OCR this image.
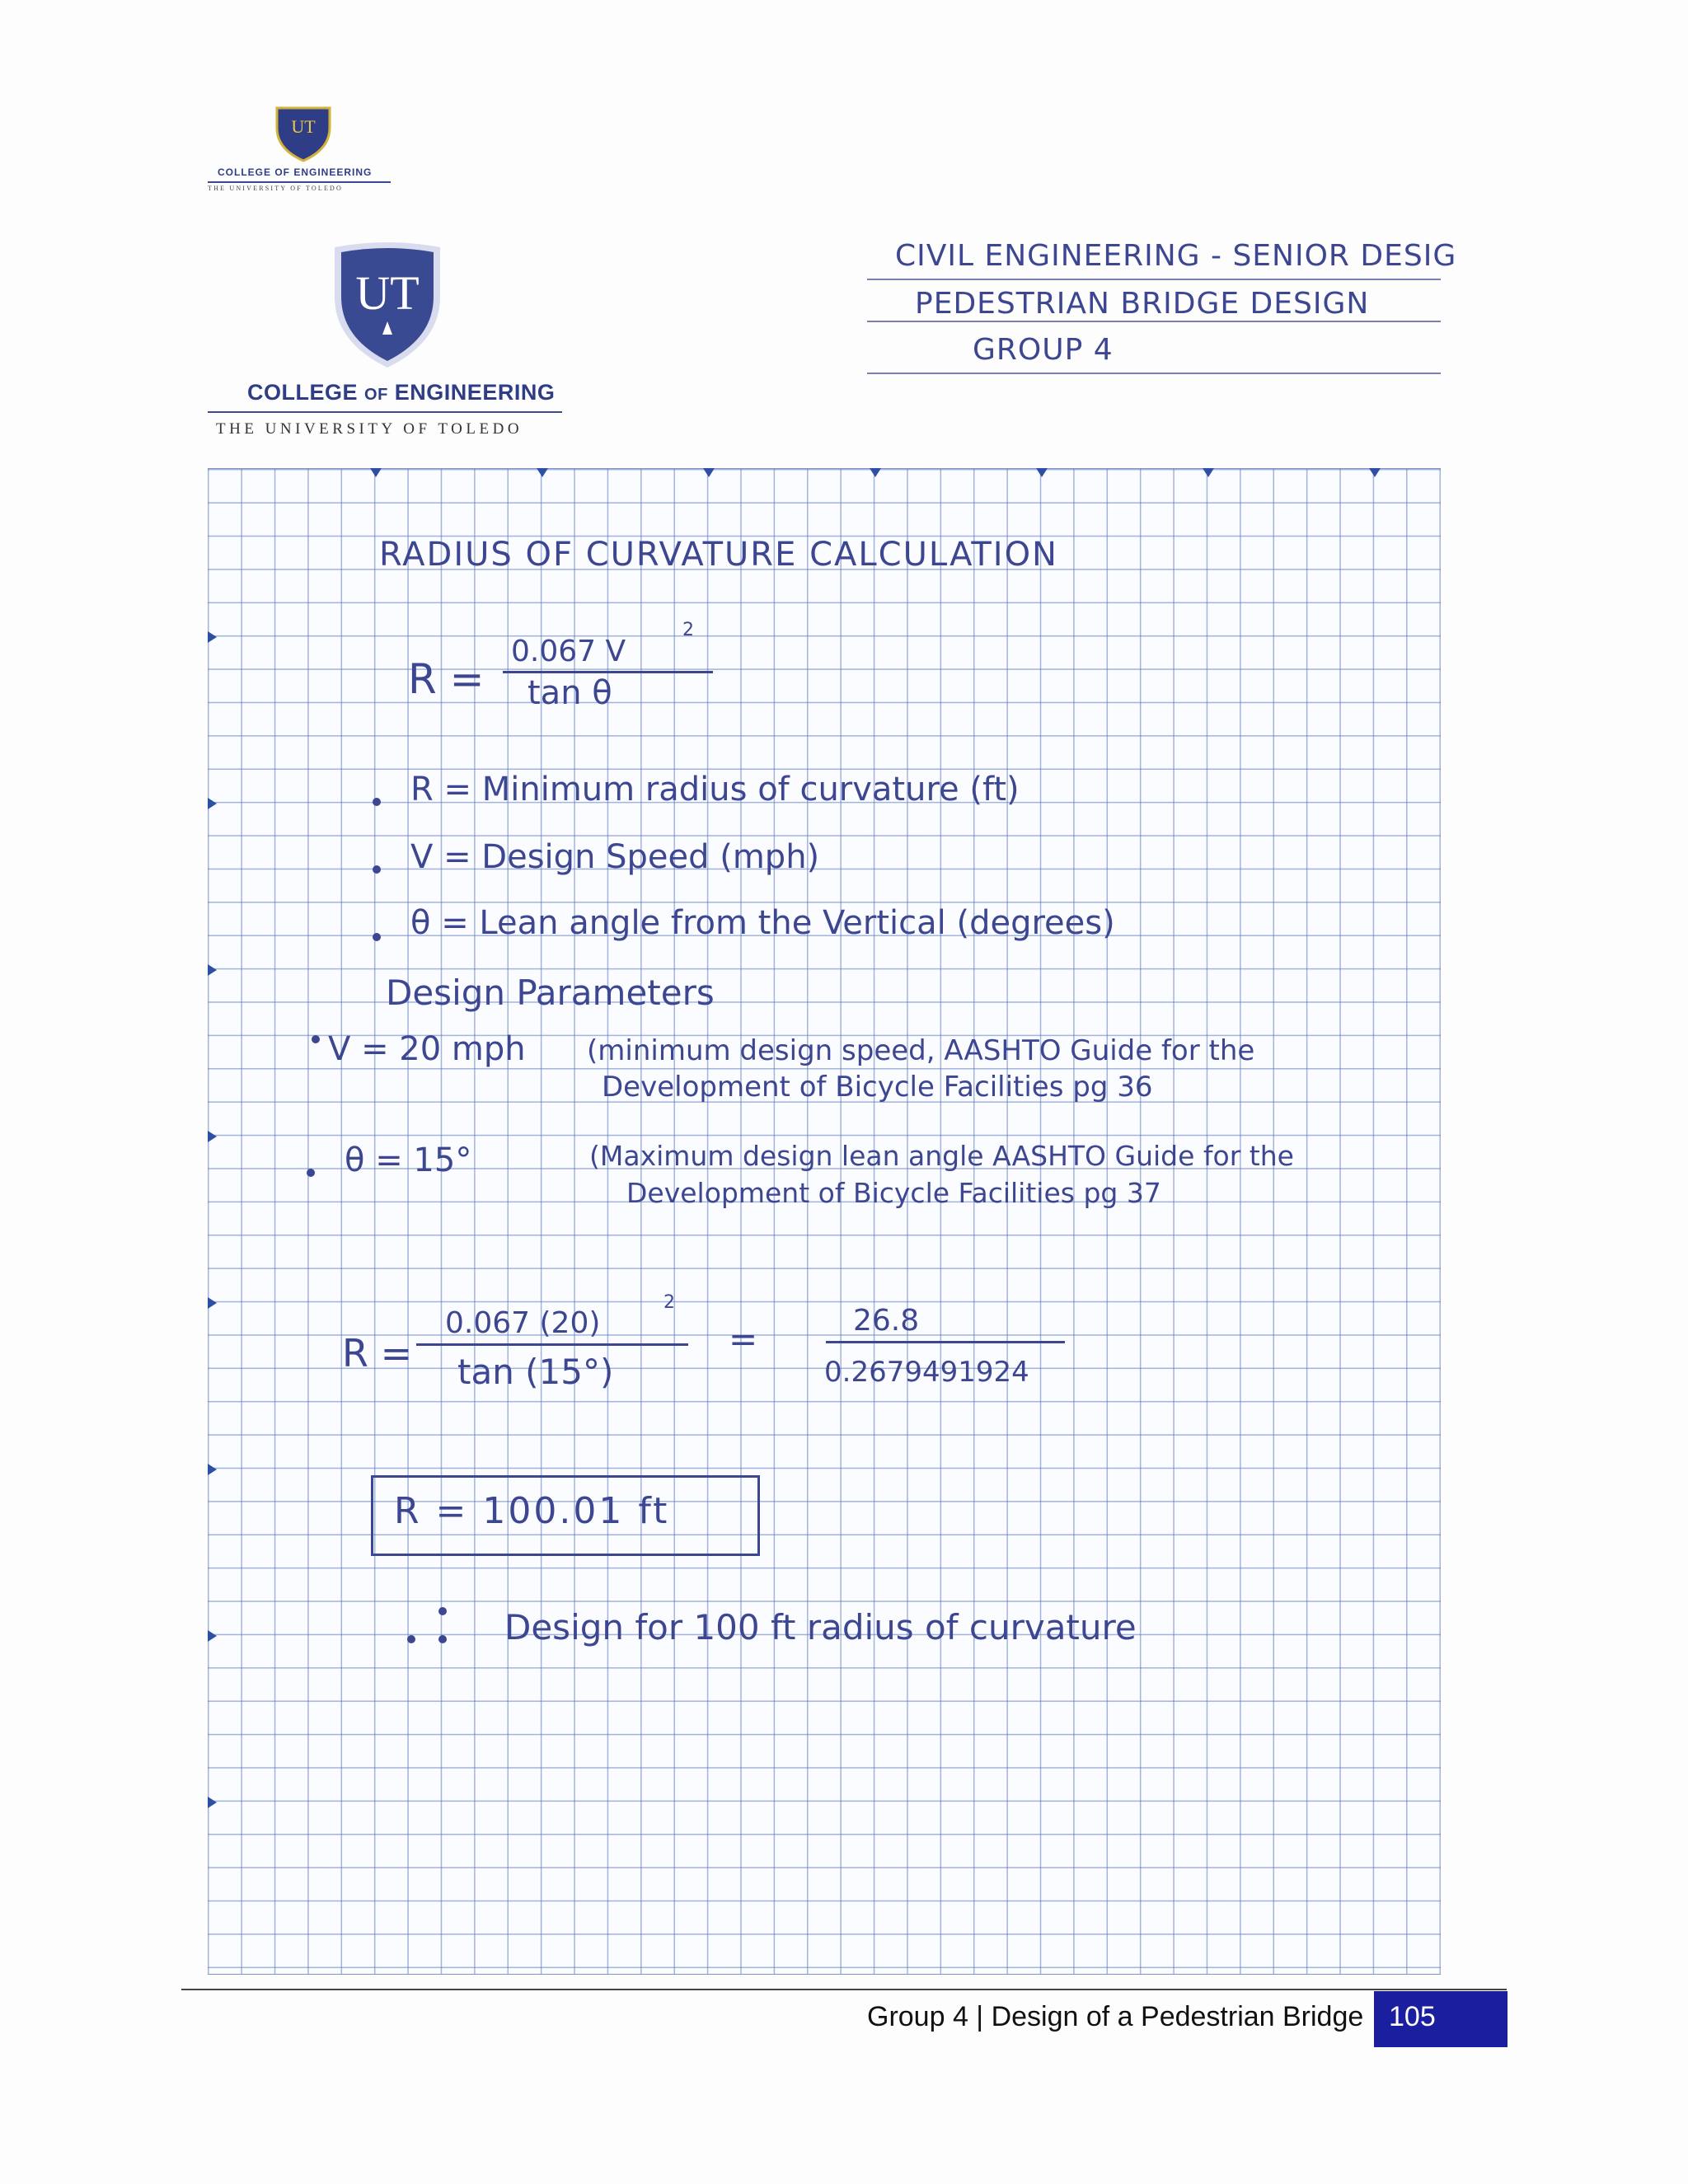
UT
COLLEGE OF ENGINEERING
THE UNIVERSITY OF TOLEDO
UT
COLLEGE OF ENGINEERING
THE UNIVERSITY OF TOLEDO
CIVIL ENGINEERING - SENIOR DESIG
PEDESTRIAN BRIDGE DESIGN
GROUP 4
RADIUS OF CURVATURE CALCULATION
R =
0.067 V
2
tan θ
R = Minimum radius of curvature (ft)
V = Design Speed (mph)
θ = Lean angle from the Vertical (degrees)
Design Parameters
V = 20 mph (minimum design speed, AASHTO Guide for the
Development of Bicycle Facilities pg 36
θ = 15°	(Maximum design lean angle AASHTO Guide for the
Development of Bicycle Facilities pg 37
R =
0.067 (20)
2
tan (15°)
=	26.8
0.2679491924
R = 100.01 ft
Design for 100 ft radius of curvature
Group 4 | Design of a Pedestrian Bridge 105
